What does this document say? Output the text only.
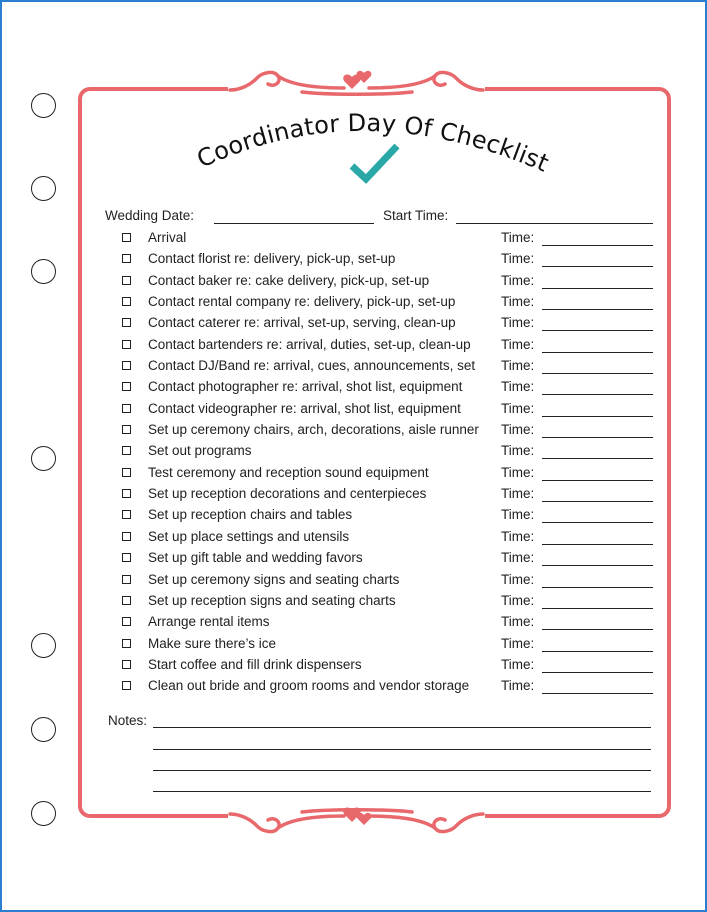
Coordinator Day Of Checklist
Wedding Date:	Start Time:
Arrival	Time:
Contact florist re: delivery, pick-up, set-up	Time:
Contact baker re: cake delivery, pick-up, set-up	Time:
Contact rental company re: delivery, pick-up, set-up	Time:
Contact caterer re: arrival, set-up, serving, clean-up	Time:
Contact bartenders re: arrival, duties, set-up, clean-up Time:
Contact DJ/Band re: arrival, cues, announcements, set Time:
Contact photographer re: arrival, shot list, equipment	Time:
Contact videographer re: arrival, shot list, equipment	Time:
Set up ceremony chairs, arch, decorations, aisle runner Time:
Set out programs	Time:
Test ceremony and reception sound equipment	Time:
Set up reception decorations and centerpieces	Time:
Set up reception chairs and tables	Time:
Set up place settings and utensils	Time:
Set up gift table and wedding favors	Time:
Set up ceremony signs and seating charts	Time:
Set up reception signs and seating charts	Time:
Arrange rental items	Time:
Make sure there’s ice	Time:
Start coffee and fill drink dispensers	Time:
Clean out bride and groom rooms and vendor storage Time:
Notes:
